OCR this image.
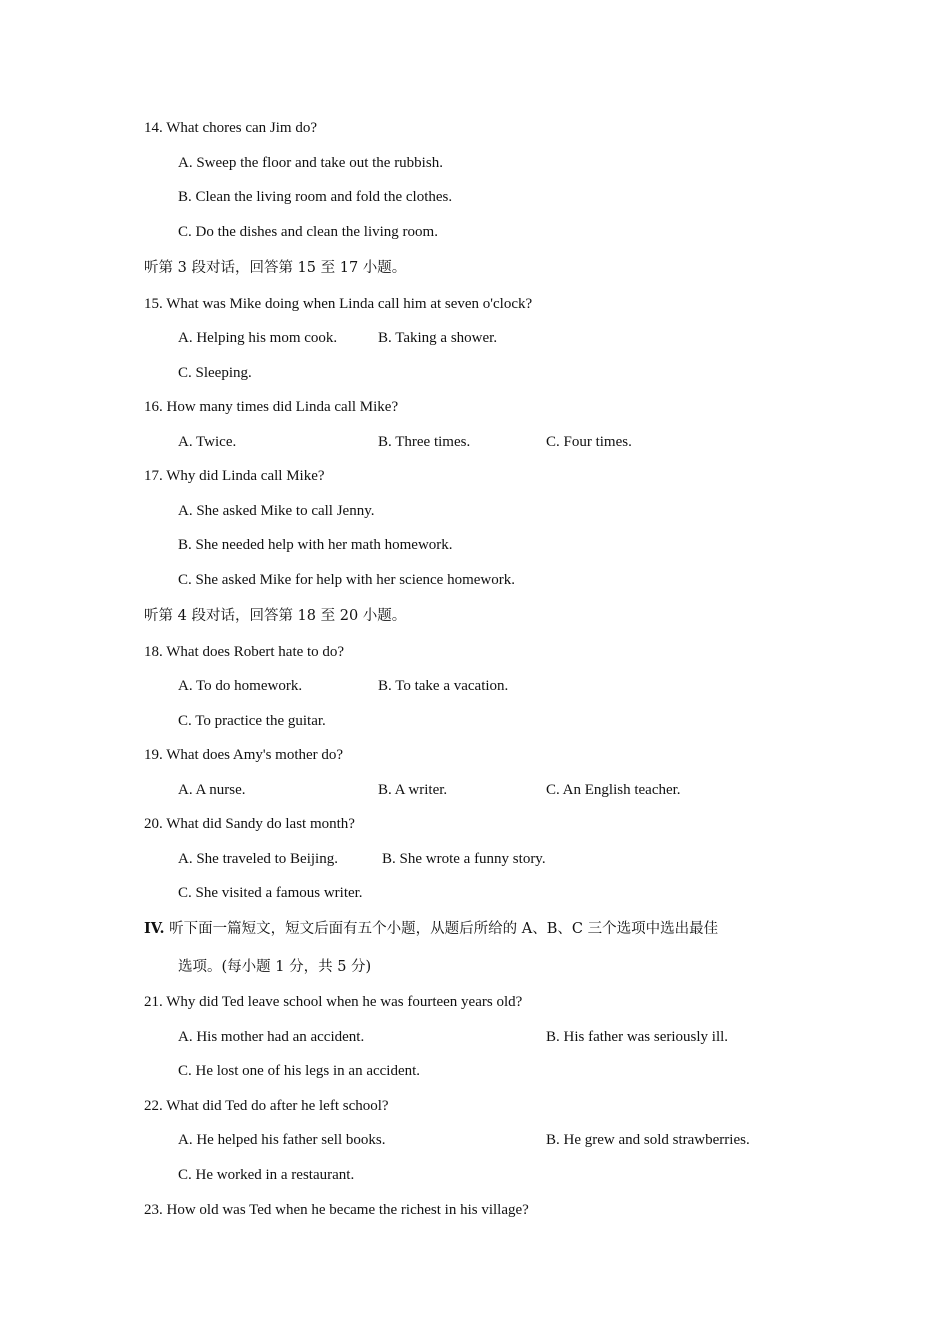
14. What chores can Jim do?
A. Sweep the floor and take out the rubbish.
B. Clean the living room and fold the clothes.
C. Do the dishes and clean the living room.
听第 3 段对话，回答第 15 至 17 小题。
15. What was Mike doing when Linda call him at seven o'clock?
A. Helping his mom cook.	B. Taking a shower.
C. Sleeping.
16. How many times did Linda call Mike?
A. Twice.	B. Three times.	C. Four times.
17. Why did Linda call Mike?
A. She asked Mike to call Jenny.
B. She needed help with her math homework.
C. She asked Mike for help with her science homework.
听第 4 段对话，回答第 18 至 20 小题。
18. What does Robert hate to do?
A. To do homework.	B. To take a vacation.
C. To practice the guitar.
19. What does Amy's mother do?
A. A nurse.	B. A writer.	C. An English teacher.
20. What did Sandy do last month?
A. She traveled to Beijing.	B. She wrote a funny story.
C. She visited a famous writer.
IV. 听下面一篇短文，短文后面有五个小题，从题后所给的 A、B、C 三个选项中选出最佳
选项。(每小题 1 分，共 5 分)
21. Why did Ted leave school when he was fourteen years old?
A. His mother had an accident.	B. His father was seriously ill.
C. He lost one of his legs in an accident.
22. What did Ted do after he left school?
A. He helped his father sell books.	B. He grew and sold strawberries.
C. He worked in a restaurant.
23. How old was Ted when he became the richest in his village?
